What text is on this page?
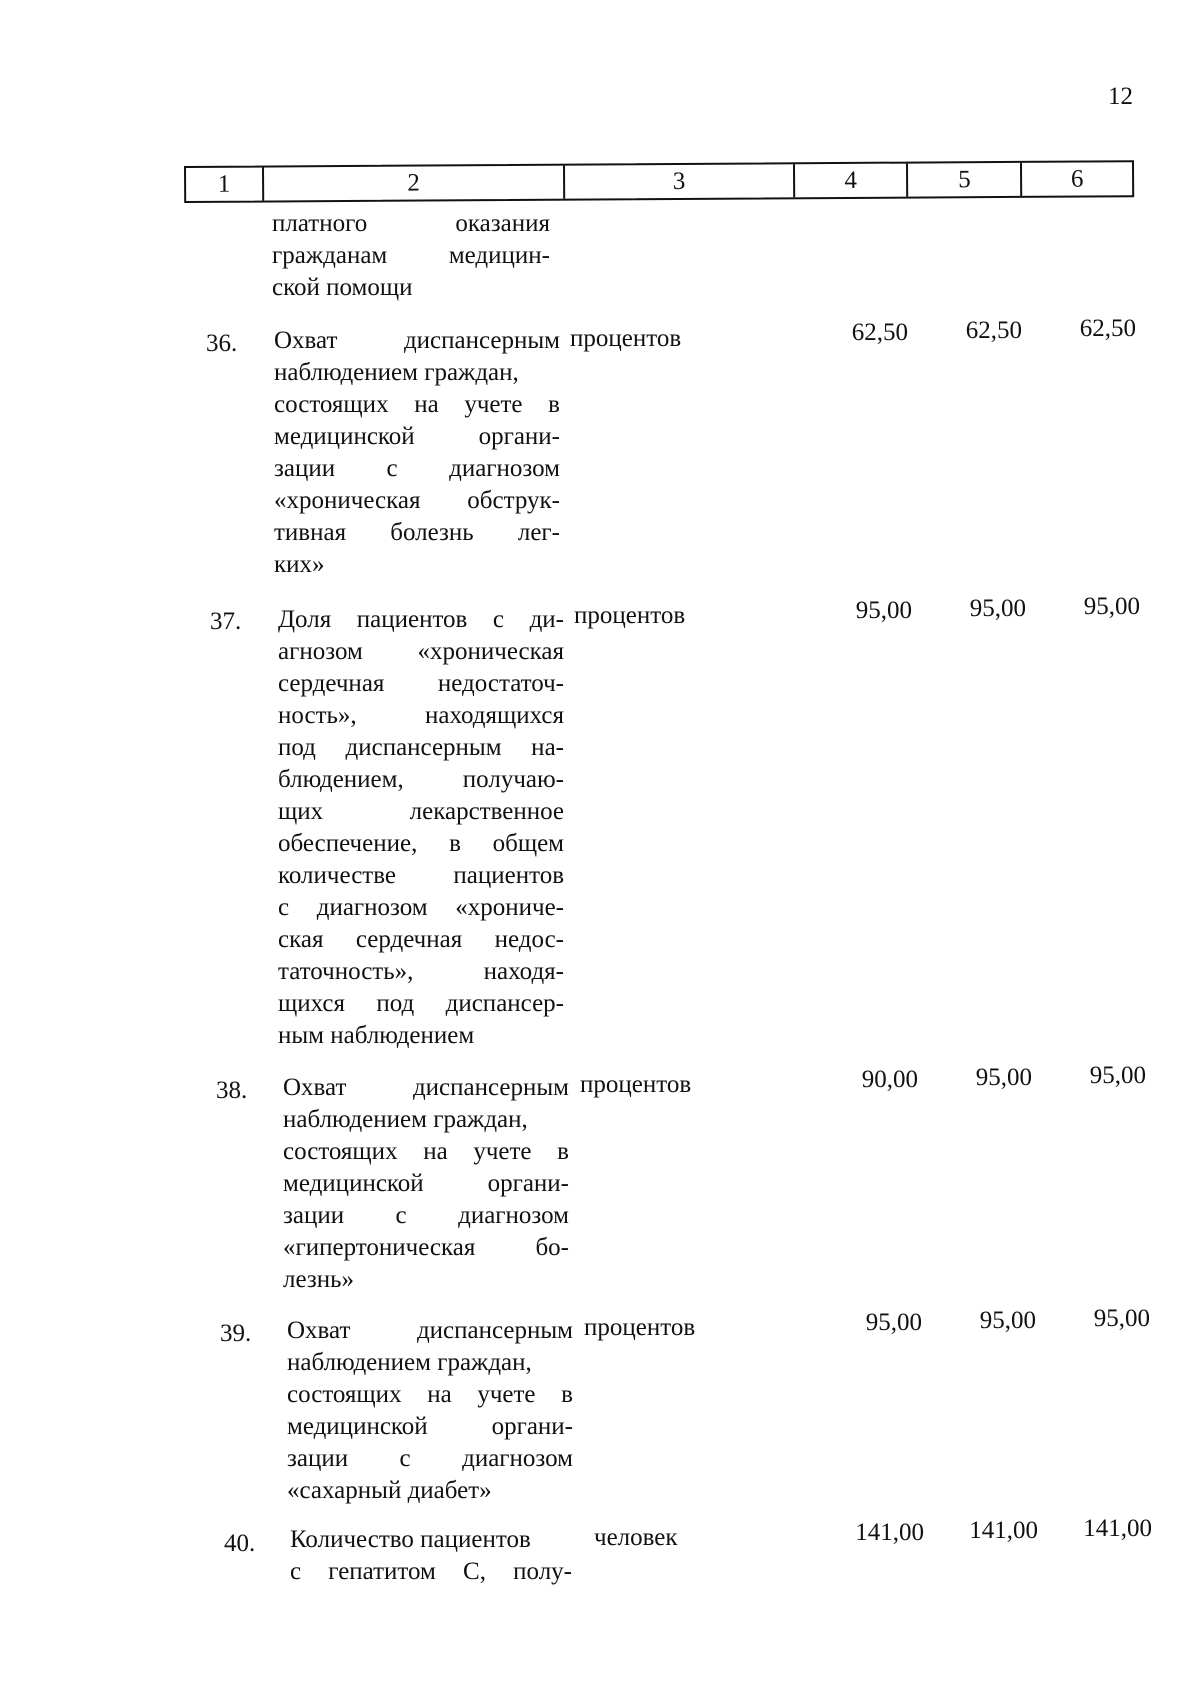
12
1	2	3	4	5	6
платного оказания
гражданам медицин-
ской помощи
36. Охват диспансерным
наблюдением граждан,
состоящих на учете в
медицинской органи-
зации с диагнозом
«хроническая обструк-
тивная болезнь лег-
ких»
процентов	62,50	62,50	62,50
37. Доля пациентов с ди-
агнозом «хроническая
сердечная недостаточ-
ность», находящихся
под диспансерным на-
блюдением, получаю-
щих лекарственное
обеспечение, в общем
количестве пациентов
с диагнозом «хрониче-
ская сердечная недос-
таточность», находя-
щихся под диспансер-
ным наблюдением
процентов	95,00	95,00	95,00
38. Охват диспансерным
наблюдением граждан,
состоящих на учете в
медицинской органи-
зации с диагнозом
«гипертоническая бо-
лезнь»
процентов	90,00	95,00	95,00
39. Охват диспансерным
наблюдением граждан,
состоящих на учете в
медицинской органи-
зации с диагнозом
«сахарный диабет»
процентов	95,00	95,00	95,00
40. Количество пациентов
с гепатитом С, полу-
человек	141,00	141,00	141,00
